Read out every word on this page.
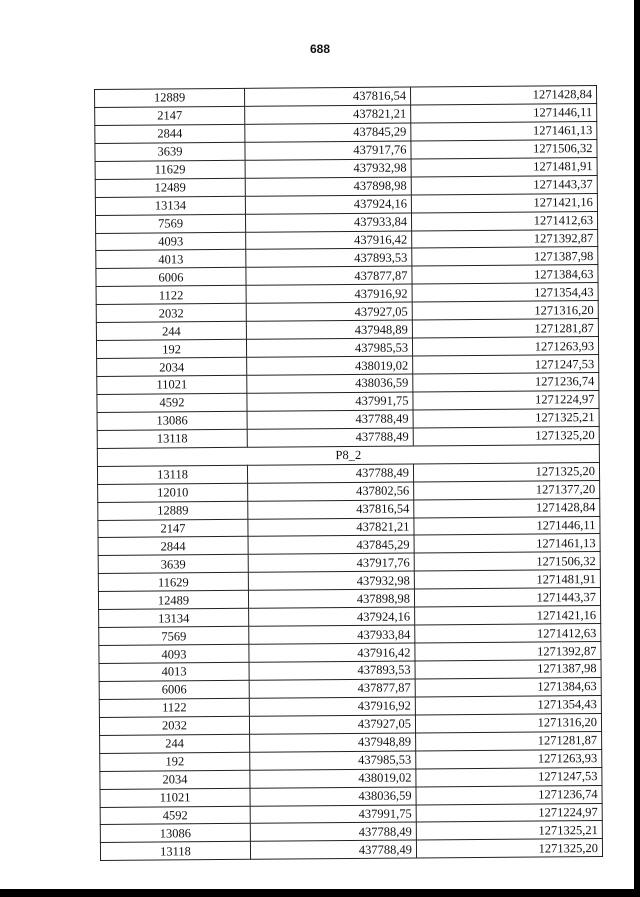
688
12889	437816,54	1271428,84
2147	437821,21	1271446,11
2844	437845,29	1271461,13
3639	437917,76	1271506,32
11629	437932,98	1271481,91
12489	437898,98	1271443,37
13134	437924,16	1271421,16
7569	437933,84	1271412,63
4093	437916,42	1271392,87
4013	437893,53	1271387,98
6006	437877,87	1271384,63
1122	437916,92	1271354,43
2032	437927,05	1271316,20
244	437948,89	1271281,87
192	437985,53	1271263,93
2034	438019,02	1271247,53
11021	438036,59	1271236,74
4592	437991,75	1271224,97
13086	437788,49	1271325,21
13118	437788,49	1271325,20
P8_2		
13118	437788,49	1271325,20
12010	437802,56	1271377,20
12889	437816,54	1271428,84
2147	437821,21	1271446,11
2844	437845,29	1271461,13
3639	437917,76	1271506,32
11629	437932,98	1271481,91
12489	437898,98	1271443,37
13134	437924,16	1271421,16
7569	437933,84	1271412,63
4093	437916,42	1271392,87
4013	437893,53	1271387,98
6006	437877,87	1271384,63
1122	437916,92	1271354,43
2032	437927,05	1271316,20
244	437948,89	1271281,87
192	437985,53	1271263,93
2034	438019,02	1271247,53
11021	438036,59	1271236,74
4592	437991,75	1271224,97
13086	437788,49	1271325,21
13118	437788,49	1271325,20
